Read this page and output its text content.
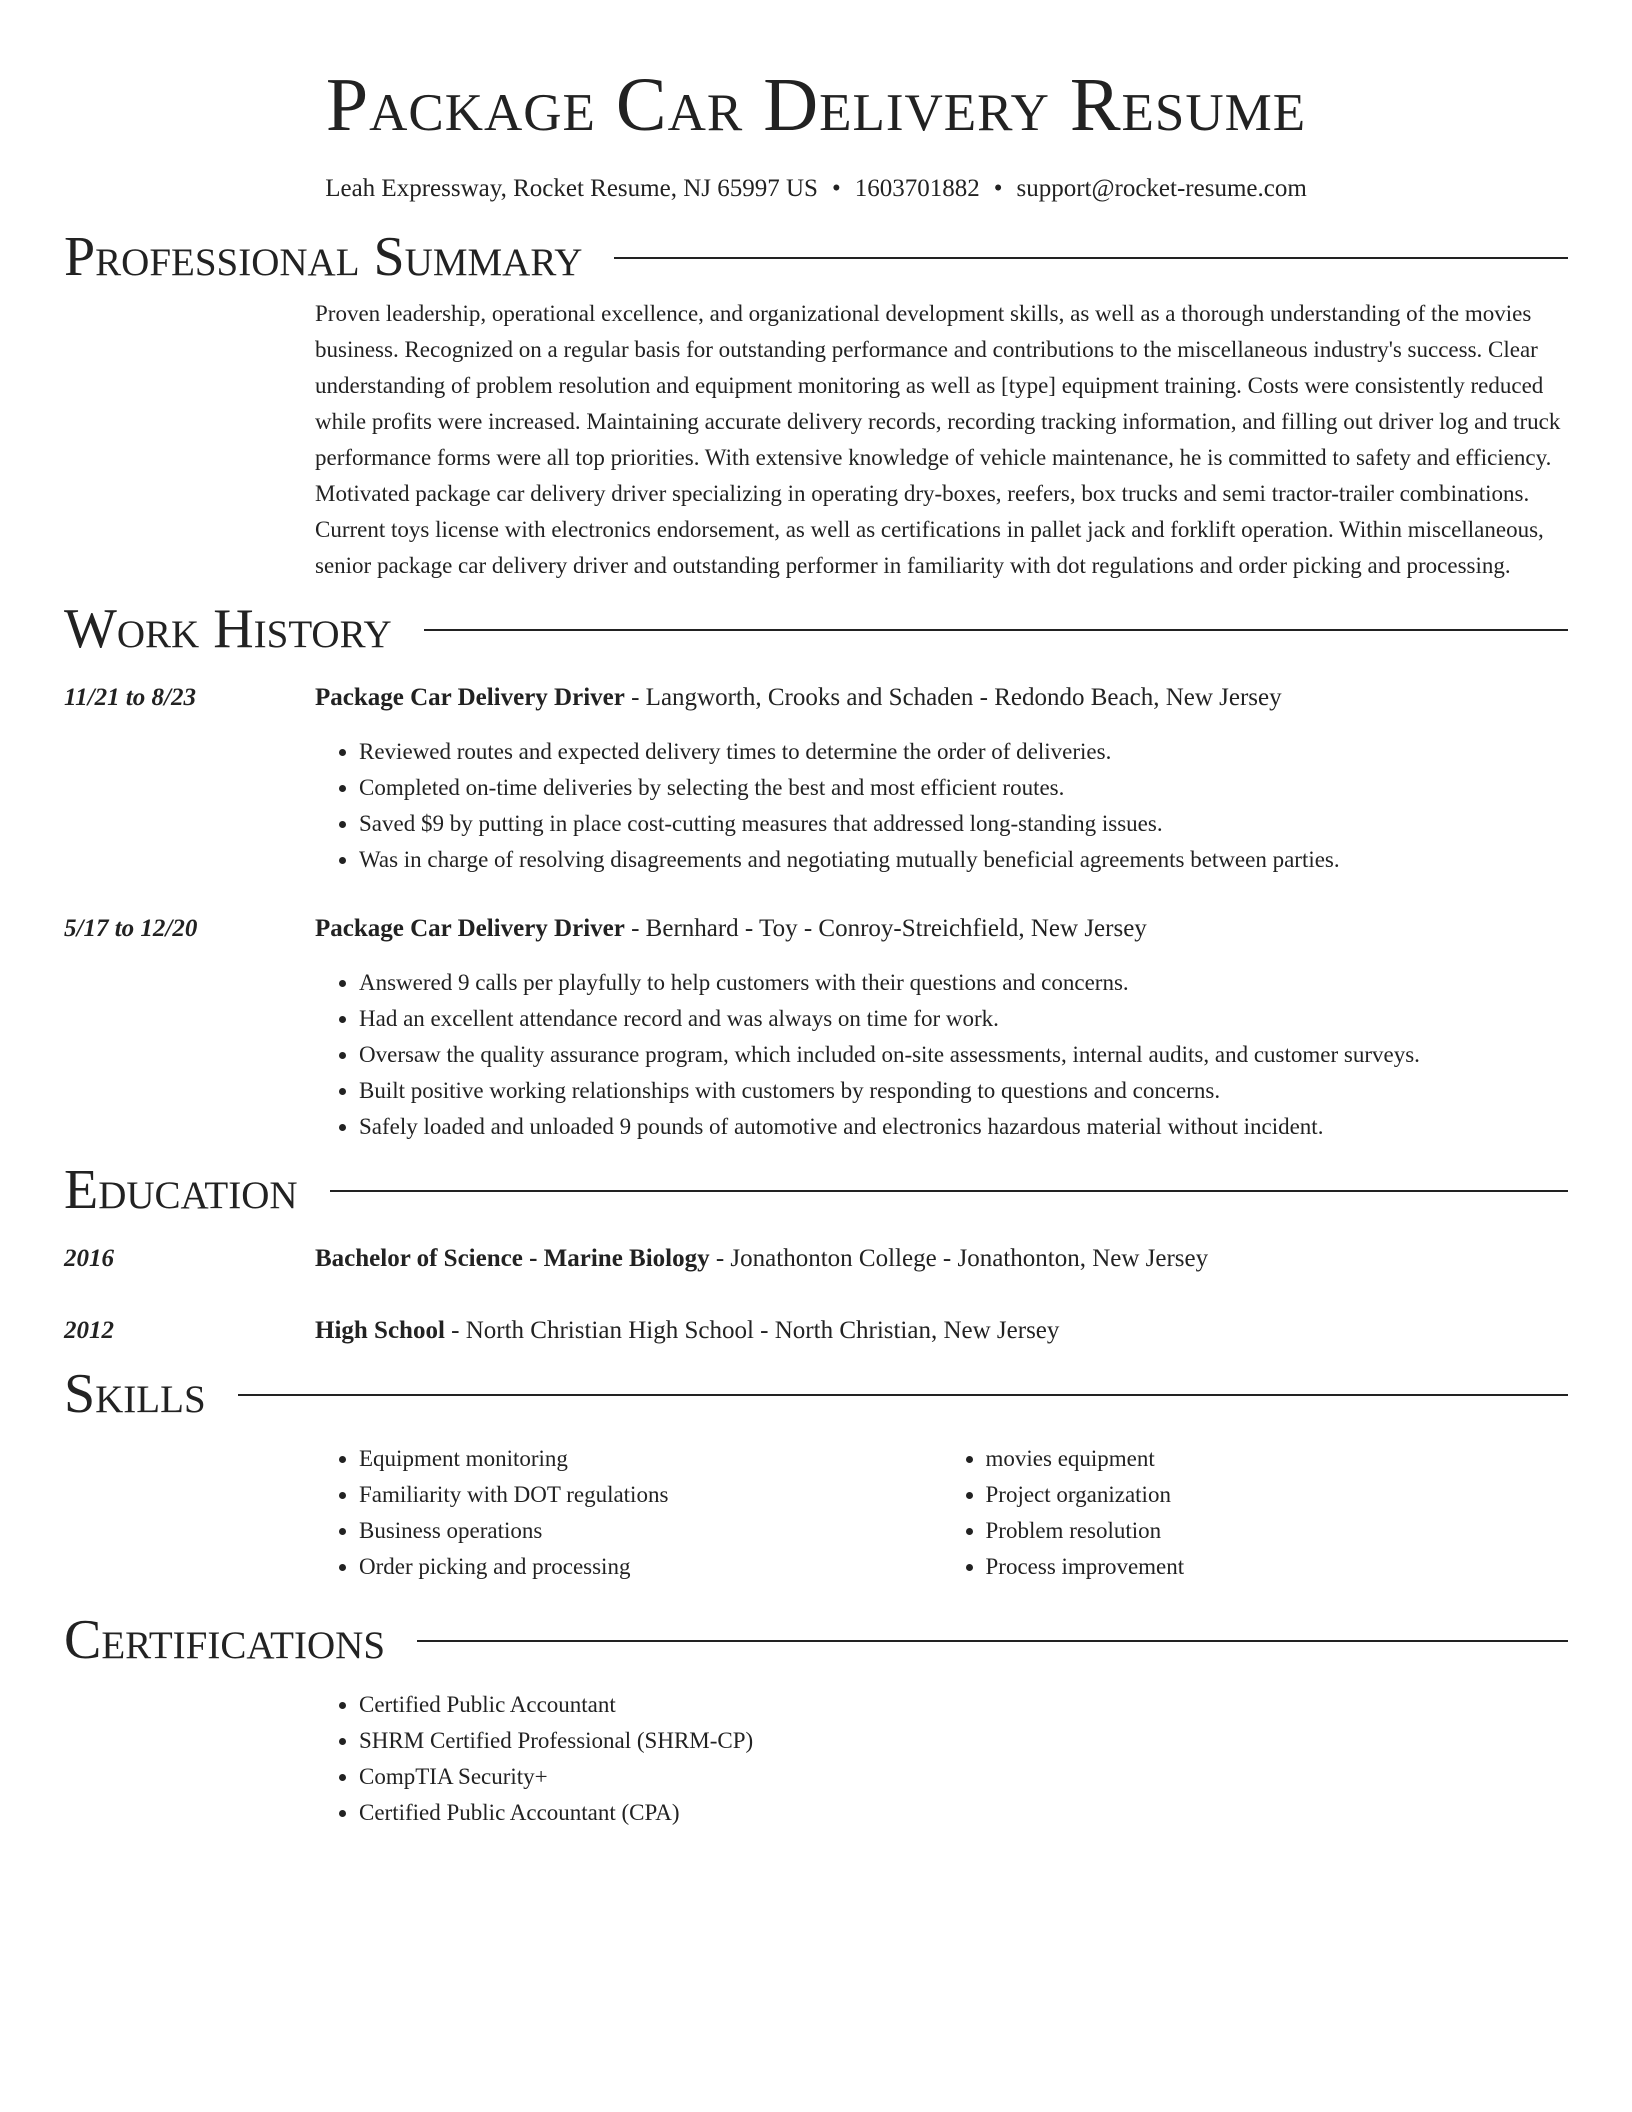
Package Car Delivery Resume
Leah Expressway, Rocket Resume, NJ 65997 US • 1603701882 • support@rocket-resume.com
Professional Summary

Proven leadership, operational excellence, and organizational development skills, as well as a thorough understanding of the movies business. Recognized on a regular basis for outstanding performance and contributions to the miscellaneous industry's success. Clear understanding of problem resolution and equipment monitoring as well as [type] equipment training. Costs were consistently reduced while profits were increased. Maintaining accurate delivery records, recording tracking information, and filling out driver log and truck performance forms were all top priorities. With extensive knowledge of vehicle maintenance, he is committed to safety and efficiency. Motivated package car delivery driver specializing in operating dry-boxes, reefers, box trucks and semi tractor-trailer combinations. Current toys license with electronics endorsement, as well as certifications in pallet jack and forklift operation. Within miscellaneous, senior package car delivery driver and outstanding performer in familiarity with dot regulations and order picking and processing.

Work History
11/21 to 8/23	Package Car Delivery Driver - Langworth, Crooks and Schaden - Redondo Beach, New Jersey
• Reviewed routes and expected delivery times to determine the order of deliveries.
• Completed on-time deliveries by selecting the best and most efficient routes.
• Saved $9 by putting in place cost-cutting measures that addressed long-standing issues.
• Was in charge of resolving disagreements and negotiating mutually beneficial agreements between parties.
5/17 to 12/20	Package Car Delivery Driver - Bernhard - Toy - Conroy-Streichfield, New Jersey
• Answered 9 calls per playfully to help customers with their questions and concerns.
• Had an excellent attendance record and was always on time for work.
• Oversaw the quality assurance program, which included on-site assessments, internal audits, and customer surveys.
• Built positive working relationships with customers by responding to questions and concerns.
• Safely loaded and unloaded 9 pounds of automotive and electronics hazardous material without incident.
Education
2016	Bachelor of Science - Marine Biology - Jonathonton College - Jonathonton, New Jersey
2012	High School - North Christian High School - North Christian, New Jersey
Skills
• Equipment monitoring
• Familiarity with DOT regulations
• Business operations
• Order picking and processing
• movies equipment
• Project organization
• Problem resolution
• Process improvement
Certifications
• Certified Public Accountant
• SHRM Certified Professional (SHRM-CP)
• CompTIA Security+
• Certified Public Accountant (CPA)
